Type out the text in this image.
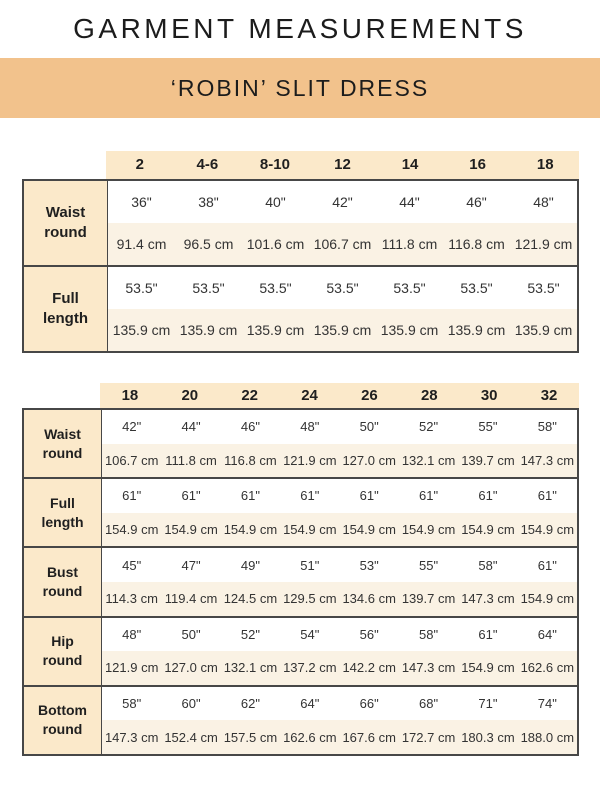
GARMENT MEASUREMENTS
‘ROBIN’ SLIT DRESS
2	4-6	8-10	12	14	16	18
Waist round
36"	38"	40"	42"	44"	46"	48"
91.4 cm	96.5 cm 101.6 cm 106.7 cm 111.8 cm 116.8 cm 121.9 cm
Full length
53.5"	53.5"	53.5"	53.5"	53.5"	53.5"	53.5"
135.9 cm 135.9 cm 135.9 cm 135.9 cm 135.9 cm 135.9 cm 135.9 cm
18	20	22	24	26	28	30	32
Waist round
42"	44"	46"	48"	50"	52"	55"	58"
106.7 cm 111.8 cm 116.8 cm 121.9 cm 127.0 cm 132.1 cm 139.7 cm 147.3 cm
Full length
61"	61"	61"	61"	61"	61"	61"	61"
154.9 cm 154.9 cm 154.9 cm 154.9 cm 154.9 cm 154.9 cm 154.9 cm 154.9 cm
Bust round
45"	47"	49"	51"	53"	55"	58"	61"
114.3 cm 119.4 cm 124.5 cm 129.5 cm 134.6 cm 139.7 cm 147.3 cm 154.9 cm
Hip round
48"	50"	52"	54"	56"	58"	61"	64"
121.9 cm 127.0 cm 132.1 cm 137.2 cm 142.2 cm 147.3 cm 154.9 cm 162.6 cm
Bottom round
58"	60"	62"	64"	66"	68"	71"	74"
147.3 cm 152.4 cm 157.5 cm 162.6 cm 167.6 cm 172.7 cm 180.3 cm 188.0 cm
